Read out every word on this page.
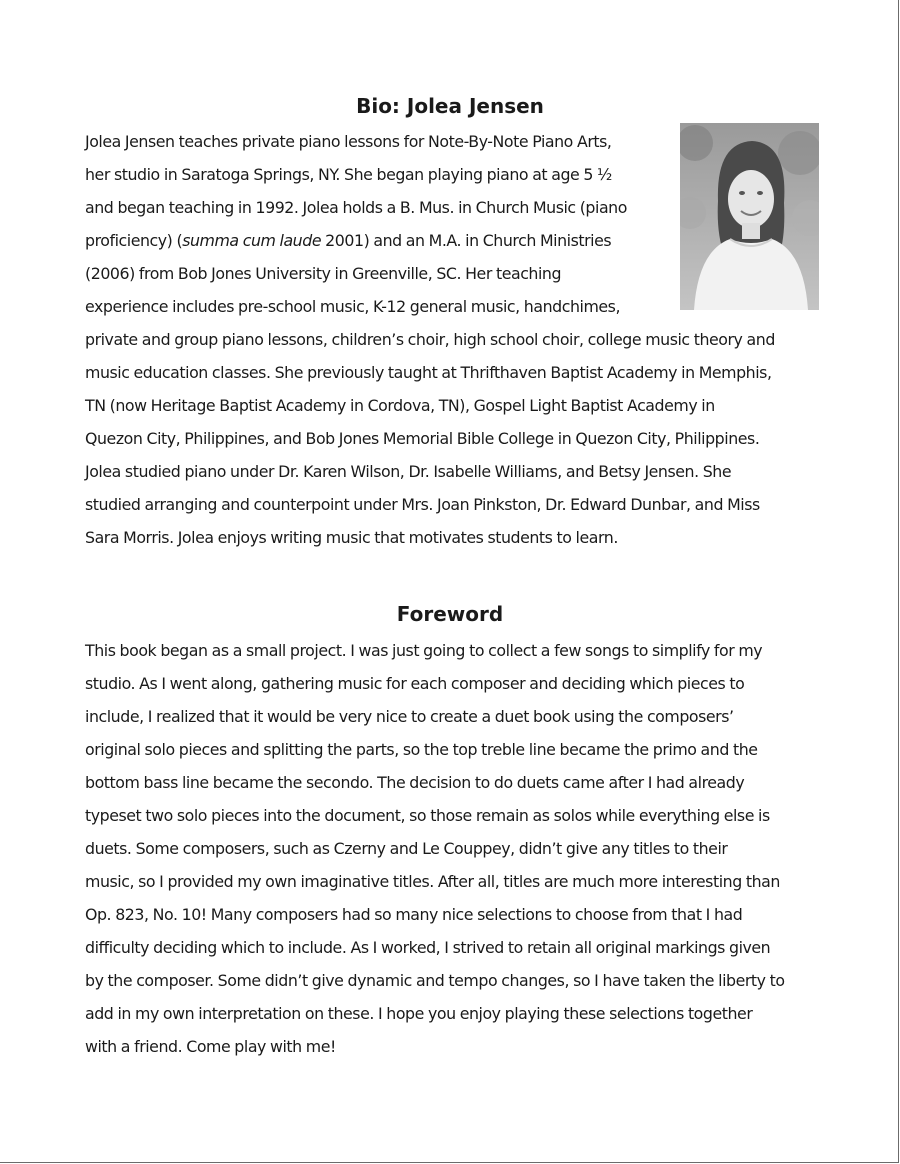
Bio: Jolea Jensen
Jolea Jensen teaches private piano lessons for Note-By-Note Piano Arts,
her studio in Saratoga Springs, NY. She began playing piano at age 5 ½
and began teaching in 1992. Jolea holds a B. Mus. in Church Music (piano
proficiency) (summa cum laude 2001) and an M.A. in Church Ministries
(2006) from Bob Jones University in Greenville, SC. Her teaching
experience includes pre-school music, K-12 general music, handchimes,
private and group piano lessons, children’s choir, high school choir, college music theory and
music education classes. She previously taught at Thrifthaven Baptist Academy in Memphis,
TN (now Heritage Baptist Academy in Cordova, TN), Gospel Light Baptist Academy in
Quezon City, Philippines, and Bob Jones Memorial Bible College in Quezon City, Philippines.
Jolea studied piano under Dr. Karen Wilson, Dr. Isabelle Williams, and Betsy Jensen. She
studied arranging and counterpoint under Mrs. Joan Pinkston, Dr. Edward Dunbar, and Miss
Sara Morris. Jolea enjoys writing music that motivates students to learn.
Foreword
This book began as a small project. I was just going to collect a few songs to simplify for my
studio. As I went along, gathering music for each composer and deciding which pieces to
include, I realized that it would be very nice to create a duet book using the composers’
original solo pieces and splitting the parts, so the top treble line became the primo and the
bottom bass line became the secondo. The decision to do duets came after I had already
typeset two solo pieces into the document, so those remain as solos while everything else is
duets. Some composers, such as Czerny and Le Couppey, didn’t give any titles to their
music, so I provided my own imaginative titles. After all, titles are much more interesting than
Op. 823, No. 10! Many composers had so many nice selections to choose from that I had
difficulty deciding which to include. As I worked, I strived to retain all original markings given
by the composer. Some didn’t give dynamic and tempo changes, so I have taken the liberty to
add in my own interpretation on these. I hope you enjoy playing these selections together
with a friend. Come play with me!
